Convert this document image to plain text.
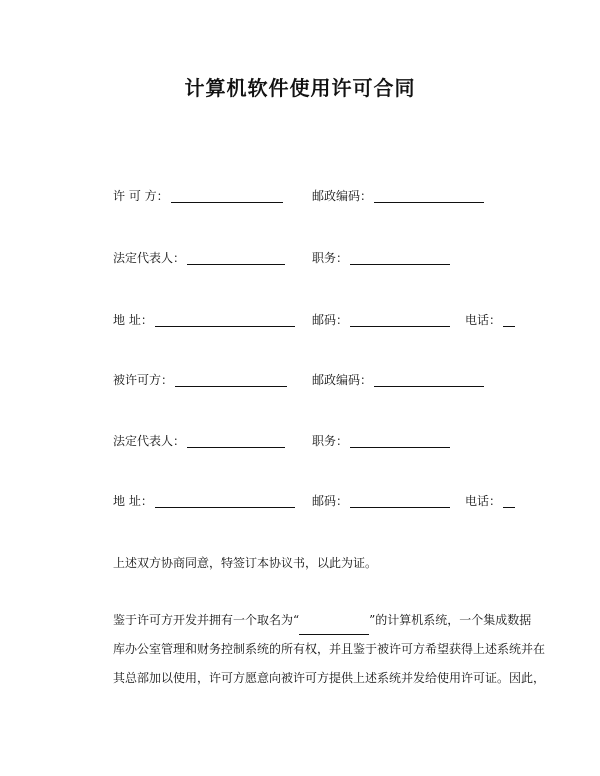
计算机软件使用许可合同
许 可 方：	邮政编码：
法定代表人：	职务：
地 址：	邮码：	电话：
被许可方：	邮政编码：
法定代表人：	职务：
地 址：	邮码：	电话：
上述双方协商同意，特签订本协议书，以此为证。
鉴于许可方开发并拥有一个取名为“	”的计算机系统，一个集成数据
库办公室管理和财务控制系统的所有权，并且鉴于被许可方希望获得上述系统并在
其总部加以使用，许可方愿意向被许可方提供上述系统并发给使用许可证。因此，
